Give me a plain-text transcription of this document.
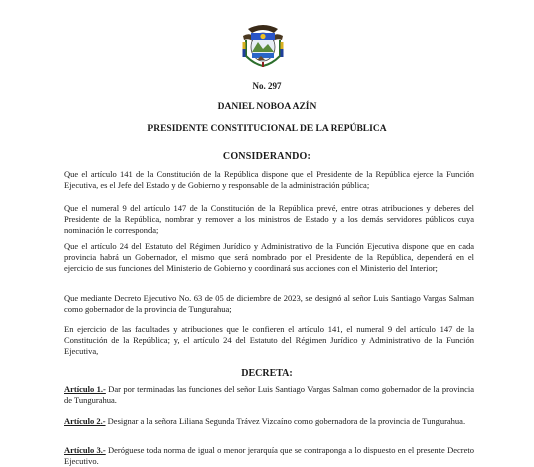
No. 297
DANIEL NOBOA AZÍN
PRESIDENTE CONSTITUCIONAL DE LA REPÚBLICA
CONSIDERANDO:

Que el artículo 141 de la Constitución de la República dispone que el Presidente de la República ejerce la Función Ejecutiva, es el Jefe del Estado y de Gobierno y responsable de la administración pública;

Que el numeral 9 del artículo 147 de la Constitución de la República prevé, entre otras atribuciones y deberes del Presidente de la República, nombrar y remover a los ministros de Estado y a los demás servidores públicos cuya nominación le corresponda;

Que el artículo 24 del Estatuto del Régimen Jurídico y Administrativo de la Función Ejecutiva dispone que en cada provincia habrá un Gobernador, el mismo que será nombrado por el Presidente de la República, dependerá en el ejercicio de sus funciones del Ministerio de Gobierno y coordinará sus acciones con el Ministerio del Interior;

Que mediante Decreto Ejecutivo No. 63 de 05 de diciembre de 2023, se designó al señor Luis Santiago Vargas Salman como gobernador de la provincia de Tungurahua;

En ejercicio de las facultades y atribuciones que le confieren el artículo 141, el numeral 9 del artículo 147 de la Constitución de la República; y, el artículo 24 del Estatuto del Régimen Jurídico y Administrativo de la Función Ejecutiva,

DECRETA:

Artículo 1.- Dar por terminadas las funciones del señor Luis Santiago Vargas Salman como gobernador de la provincia de Tungurahua.

Artículo 2.- Designar a la señora Liliana Segunda Trávez Vizcaíno como gobernadora de la provincia de Tungurahua.

Artículo 3.- Deróguese toda norma de igual o menor jerarquía que se contraponga a lo dispuesto en el presente Decreto Ejecutivo.
